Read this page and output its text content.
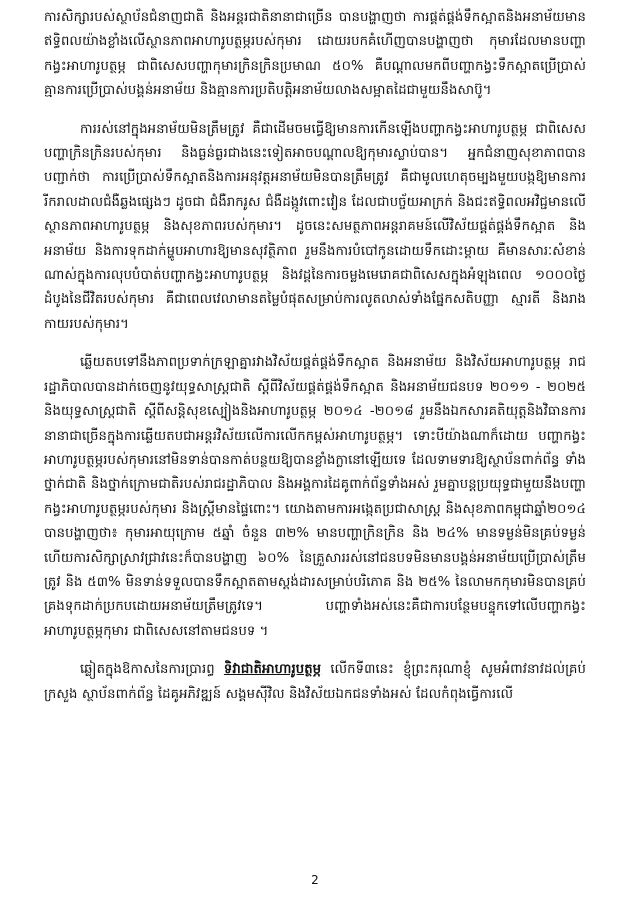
ការសិក្សារបស់ស្ថាប័នជំនាញជាតិ និងអន្តរជាតិនានាជាច្រើន បានបង្ហាញថា ការផ្គត់ផ្គង់ទឹកស្អាតនិងអនាម័យមានឥទ្ធិពលយ៉ាងខ្លាំងលើស្ថានភាពអាហារូបត្ថម្ភរបស់កុមារ ដោយរបកគំហើញបានបង្ហាញថា កុមារដែលមានបញ្ហាកង្វះអាហារូបត្ថម្ភ ជាពិសេសបញ្ហាកុមារក្រិនក្រិនប្រមាណ ៥០% គឺបណ្ដាលមកពីបញ្ហាកង្វះទឹកស្អាតប្រើប្រាស់ គ្មានការប្រើប្រាស់បង្គន់អនាម័យ និងគ្មានការប្រតិបត្តិអនាម័យលាងសម្អាតដៃជាមួយនឹងសាប៊ូ។

ការរស់នៅក្នុងអនាម័យមិនត្រឹមត្រូវ គឺជាដើមចមធ្វើឱ្យមានការកើនឡើងបញ្ហាកង្វះអាហារូបត្ថម្ភ ជាពិសេសបញ្ហាក្រិនក្រិនរបស់កុមារ និងធ្ងន់ធ្ងរជាងនេះទៀតអាចបណ្ដាលឱ្យកុមារស្លាប់បាន។ អ្នកជំនាញសុខាភាពបានបញ្ជាក់ថា ការប្រើប្រាស់ទឹកស្អាតនិងការអនុវត្តអនាម័យមិនបានត្រឹមត្រូវ គឺជាមូលហេតុចម្បងមួយបង្កឱ្យមានការរីករាលដាលជំងឺឆ្លងផ្សេងៗ ដូចជា ជំងឺរាករូស ជំងឺដង្កូវពោះវៀន ដែលជាបច្ច័យអាក្រក់ និងជះឥទ្ធិពលអវិជ្ជមានលើស្ថានភាពអាហារូបត្ថម្ភ និងសុខភាពរបស់កុមារ។ ដូចនេះសមត្ថភាពអន្តរាគមន៍លើវិស័យផ្គត់ផ្គង់ទឹកស្អាត និងអនាម័យ និងការទុកដាក់ម្ហូបអាហារឱ្យមានសុវត្ថិភាព រួមនឹងការបំបៅកូនដោយទឹកដោះម្ដាយ គឺមានសារៈសំខាន់ណាស់ក្នុងការលុបបំបាត់បញ្ហាកង្វះអាហារូបត្ថម្ភ និងវដ្ដនៃការចម្លងមេរោគជាពិសេសក្នុងអំឡុងពេល ១០០០ថ្ងៃដំបូងនៃជីវិតរបស់កុមារ គឺជាពេលវេលាមានតម្លៃបំផុតសម្រាប់ការលូតលាស់ទាំងផ្នែកសតិបញ្ញា ស្មារតី និងរាងកាយរបស់កុមារ។

ឆ្លើយតបទៅនឹងភាពប្រទាក់ក្រឡាគ្នារវាងវិស័យផ្គត់ផ្គង់ទឹកស្អាត និងអនាម័យ និងវិស័យអាហារូបត្ថម្ភ រាជរដ្ឋាភិបាលបានដាក់ចេញនូវយុទ្ធសាស្ត្រជាតិ ស្ដីពីវិស័យផ្គត់ផ្គង់ទឹកស្អាត និងអនាម័យជនបទ ២០១១ - ២០២៥ និងយុទ្ធសាស្ត្រជាតិ ស្ដីពីសន្តិសុខស្បៀងនិងអាហារូបត្ថម្ភ ២០១៤ -២០១៨ រួមនឹងឯកសារគតិយុត្តនិងវិធានការនានាជាច្រើនក្នុងការឆ្លើយតបជាអន្តរវិស័យលើការលើកកម្ពស់អាហារូបត្ថម្ភ។ ទោះបីយ៉ាងណាក៏ដោយ បញ្ហាកង្វះអាហារូបត្ថម្ភរបស់កុមារនៅមិនទាន់បានកាត់បន្ថយឱ្យបានខ្លាំងក្លានៅឡើយទេ ដែលទាមទារឱ្យស្ថាប័នពាក់ព័ន្ធ ទាំងថ្នាក់ជាតិ និងថ្នាក់ក្រោមជាតិរបស់រាជរដ្ឋាភិបាល និងអង្គការដៃគូពាក់ព័ន្ធទាំងអស់ រួមគ្នាបន្តប្រយុទ្ធជាមួយនឹងបញ្ហាកង្វះអាហារូបត្ថម្ភរបស់កុមារ និងស្ត្រីមានផ្ទៃពោះ។ យោងតាមការអង្កេតប្រជាសាស្ត្រ និងសុខភាពកម្ពុជាឆ្នាំ២០១៤ បានបង្ហាញថា៖ កុមារអាយុក្រោម ៥ឆ្នាំ ចំនួន ៣២% មានបញ្ហាក្រិនក្រិន និង ២៤% មានទម្ងន់មិនគ្រប់ទម្ងន់ ហើយការសិក្សាស្រាវជ្រាវនេះក៏បានបង្ហាញ ៦០% នៃគ្រួសាររស់នៅជនបទមិនមានបង្គន់អនាម័យប្រើប្រាស់ត្រឹមត្រូវ និង ៥៣% មិនទាន់ទទួលបានទឹកស្អាតតាមស្តង់ដារសម្រាប់បរិភោគ និង ២៥% នៃលាមកកុមារមិនបានគ្រប់គ្រងទុកដាក់ប្រកបដោយអនាម័យត្រឹមត្រូវទេ។ បញ្ហាទាំងអស់នេះគឺជាការបន្ថែមបន្ទុកទៅលើបញ្ហាកង្វះអាហារូបត្ថម្ភកុមារ ជាពិសេសនៅតាមជនបទ ។

ឆ្លៀតក្នុងឱកាសនៃការប្រារព្ធ ទិវាជាតិអាហារូបត្ថម្ភ លើកទី៣នេះ ខ្ញុំព្រះករុណាខ្ញុំ សូមអំពាវនាវដល់គ្រប់ក្រសួង ស្ថាប័នពាក់ព័ន្ធ ដៃគូអភិវឌ្ឍន៍ សង្គមស៊ីវិល និងវិស័យឯកជនទាំងអស់ ដែលកំពុងធ្វើការលើ

2
